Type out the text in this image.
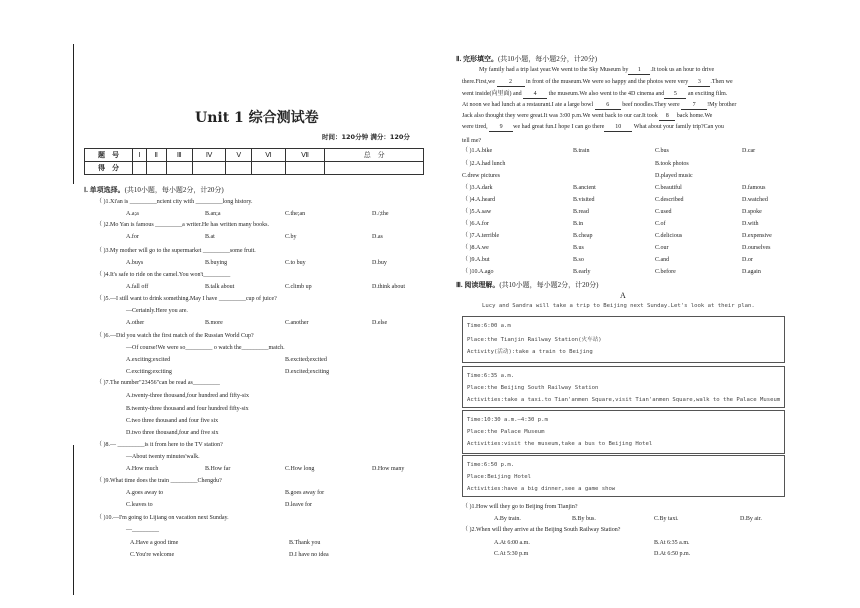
Unit 1 综合测试卷
时间：120分钟 满分：120分
题　号	Ⅰ	Ⅱ	Ⅲ	Ⅳ	Ⅴ	Ⅵ	Ⅶ	总　分
得　分								
Ⅰ. 单项选择。(共10小题，每小题2分，计20分)
（ )1.Xi'an is _________ncient city with _________long history.
A.a;a	B.an;a	C.the;an	D./;the
（ )2.Mo Yan is famous _________a writer.He has written many books.
A.for	B.at	C.by	D.as
（ )3.My mother will go to the supermarket _________some fruit.
A.buys	B.buying	C.to buy	D.buy
（ )4.It's safe to ride on the camel.You won't_________
A.fall off	B.talk about	C.climb up	D.think about
（ )5.—I still want to drink something.May I have _________cup of juice?
—Certainly.Here you are.
A.other	B.more	C.another	D.else
（ )6.—Did you watch the first match of the Russian World Cup?
—Of course!We were so_________ o watch the_________match.
A.exciting;excited	B.excited;excited
C.exciting;exciting	D.excited;exciting
（ )7.The number"23456"can be read as_________
A.twenty-three thousand,four hundred and fifty-six
B.twenty-three thousand and four hundred fifty-six
C.two three thousand and four five six
D.two three thousand,four and five six
（ )8.— _________is it from here to the TV station?
—About twenty minutes'walk.
A.How much	B.How far	C.How long	D.How many
（ )9.What time does the train _________Chengdu?
A.goes away to	B.goes away for
C.leaves to	D.leave for
（ )10.—I'm going to Lijiang on vacation next Sunday.
—_________
A.Have a good time	B.Thank you
C.You're welcome	D.I have no idea
Ⅱ. 完形填空。(共10小题，每小题2分，计20分)
My family had a trip last year.We went to the Sky Museum by 1 .It took us an hour to drive
there.First,we 2 in front of the museum.We were so happy and the photos were very 3 .Then we
went inside(向里面) and 4 the museum.We also went to the 4D cinema and 5 an exciting film.
At noon we had lunch at a restaurant.I ate a large bowl 6 beef noodles.They were 7 !My brother
Jack also thought they were great.It was 3:00 p.m.We went back to our car.It took 8 back home.We
were tired, 9 we had great fun.I hope I can go there 10 What about your family trip?Can you
tell me?
（ )1.A.bike	B.train	C.bus	D.car
（ )2.A.had lunch	B.took photos
C.drew pictures	D.played music
（ )3.A.dark	B.ancient	C.beautiful	D.famous
（ )4.A.heard	B.visited	C.described	D.watched
（ )5.A.saw	B.read	C.used	D.spoke
（ )6.A.for	B.in	C.of	D.with
（ )7.A.terrible	B.cheap	C.delicious	D.expensive
（ )8.A.we	B.us	C.our	D.ourselves
（ )9.A.but	B.so	C.and	D.or
（ )10.A.ago	B.early	C.before	D.again
Ⅲ. 阅读理解。(共10小题，每小题2分，计20分)
A
Lucy and Sandra will take a trip to Beijing next Sunday.Let's look at their plan.
Time:6:00 a.m
Place:the Tianjin Railway Station(火车站)
Activity(活动):take a train to Beijing
Time:6:35 a.m.
Place:the Beijing South Railway Station
Activities:take a taxi.to Tian'anmen Square,visit Tian'anmen Square,walk to the Palace Museum
Time:10:30 a.m.—4:30 p.m
Place:the Palace Museum
Activities:visit the museum,take a bus to Beijing Hotel
Time:6:50 p.m.
Place:Beijing Hotel
Activities:have a big dinner,see a game show
（ )1.How will they go to Beijing from Tianjin?
A.By train.	B.By bus.	C.By taxi.	D.By air.
（ )2.When will they arrive at the Beijing South Railway Station?
A.At 6:00 a.m.	B.At 6:35 a.m.
C.At 5:30 p.m	D.At 6:50 p.m.
